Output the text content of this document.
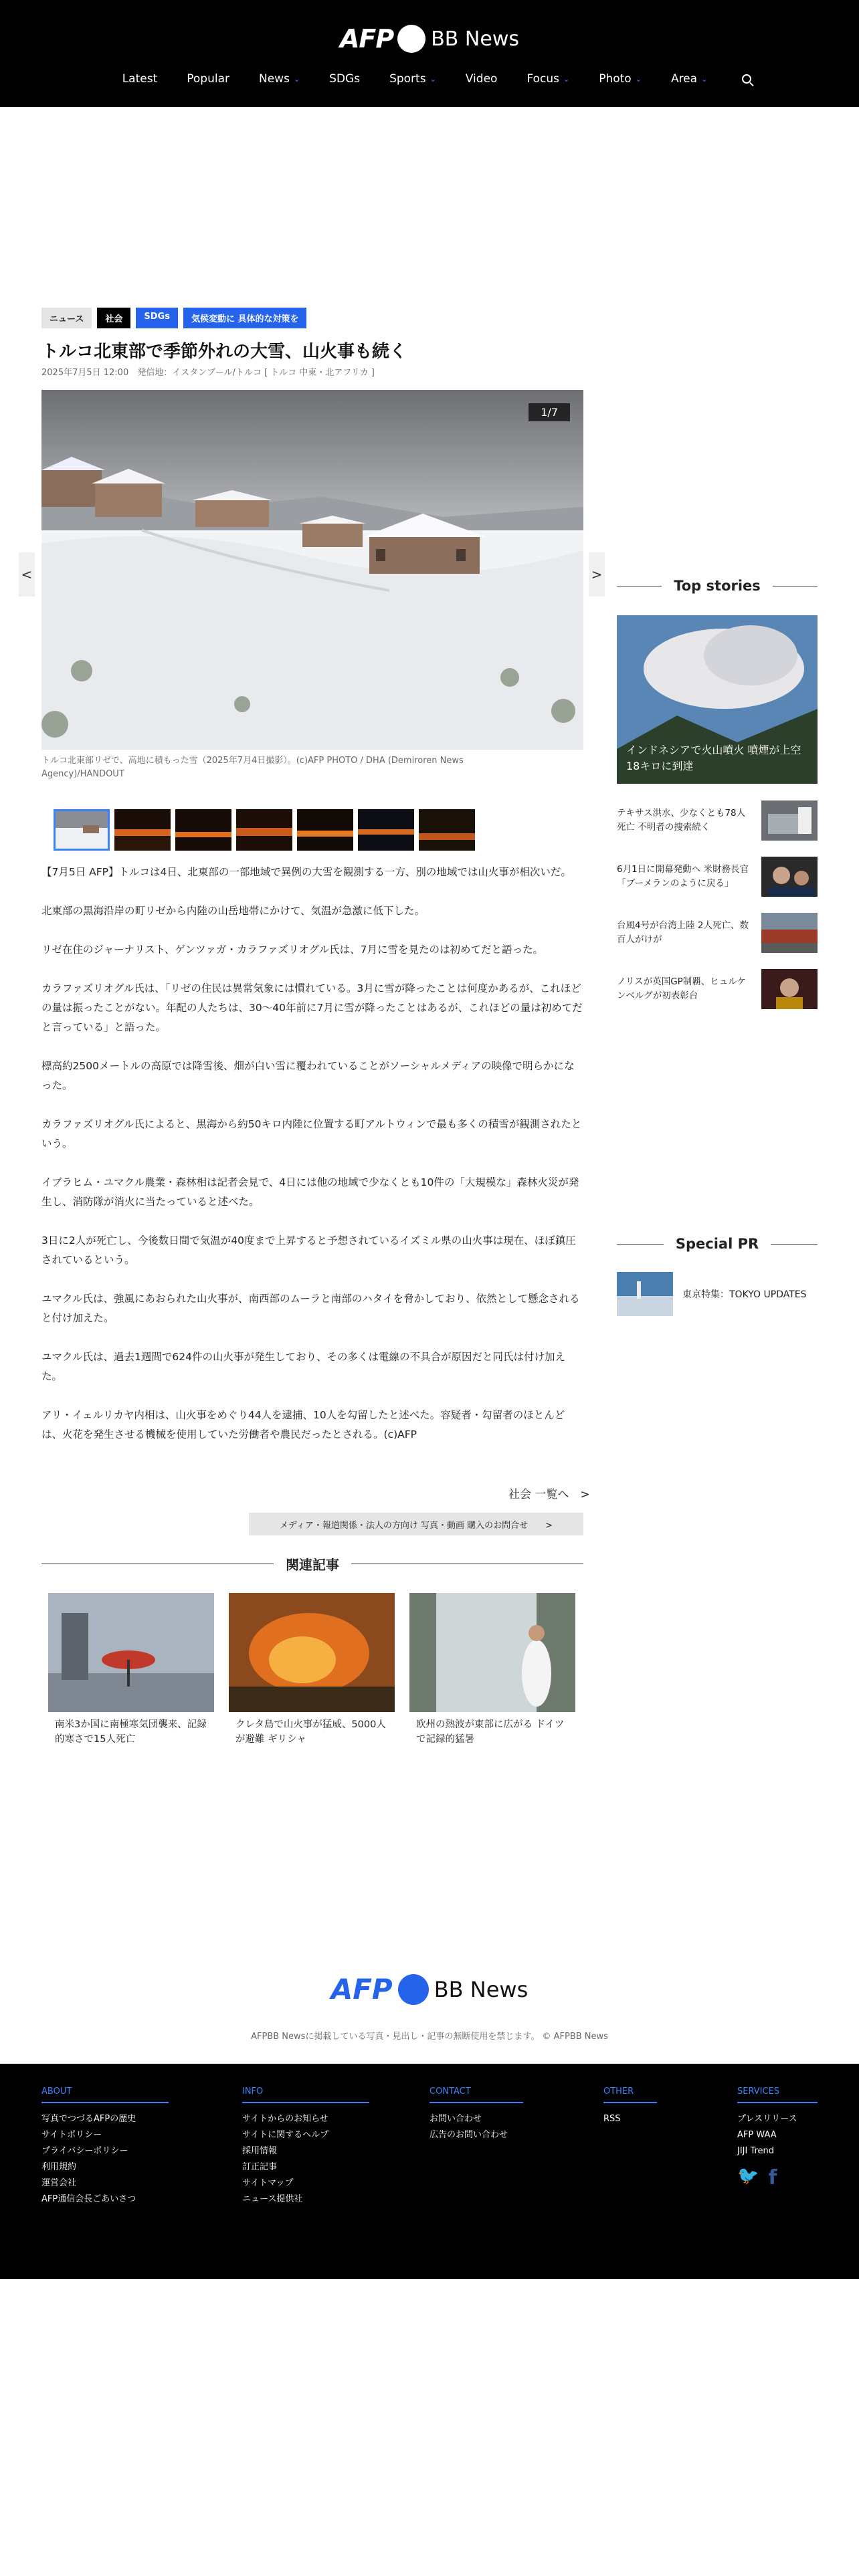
AFP BB News
Latest	Popular	News ⌄	SDGs	Sports ⌄	Video	Focus ⌄	Photo ⌄	Area ⌄
ニュース	社会	SDGs	気候変動に 具体的な対策を
トルコ北東部で季節外れの大雪、山火事も続く
2025年7月5日 12:00　発信地：イスタンブール/トルコ [ トルコ 中東・北アフリカ ]
1/7
<	>
トルコ北東部リゼで、高地に積もった雪（2025年7月4日撮影）。(c)AFP PHOTO / DHA (Demiroren News Agency)/HANDOUT

【7月5日 AFP】トルコは4日、北東部の一部地域で異例の大雪を観測する一方、別の地域では山火事が相次いだ。

北東部の黒海沿岸の町リゼから内陸の山岳地帯にかけて、気温が急激に低下した。

リゼ在住のジャーナリスト、ゲンツァガ・カラファズリオグル氏は、7月に雪を見たのは初めてだと語った。

カラファズリオグル氏は、「リゼの住民は異常気象には慣れている。3月に雪が降ったことは何度かあるが、これほどの量は振ったことがない。年配の人たちは、30～40年前に7月に雪が降ったことはあるが、これほどの量は初めてだと言っている」と語った。

標高約2500メートルの高原では降雪後、畑が白い雪に覆われていることがソーシャルメディアの映像で明らかになった。

カラファズリオグル氏によると、黒海から約50キロ内陸に位置する町アルトウィンで最も多くの積雪が観測されたという。

イブラヒム・ユマクル農業・森林相は記者会見で、4日には他の地域で少なくとも10件の「大規模な」森林火災が発生し、消防隊が消火に当たっていると述べた。

3日に2人が死亡し、今後数日間で気温が40度まで上昇すると予想されているイズミル県の山火事は現在、ほぼ鎮圧されているという。

ユマクル氏は、強風にあおられた山火事が、南西部のムーラと南部のハタイを脅かしており、依然として懸念されると付け加えた。

ユマクル氏は、過去1週間で624件の山火事が発生しており、その多くは電線の不具合が原因だと同氏は付け加えた。

アリ・イェルリカヤ内相は、山火事をめぐり44人を逮捕、10人を勾留したと述べた。容疑者・勾留者のほとんどは、火花を発生させる機械を使用していた労働者や農民だったとされる。(c)AFP

社会 一覧へ　>
メディア・報道関係・法人の方向け 写真・動画 購入のお問合せ　　>
関連記事
南米3か国に南極寒気団襲来、記録的寒さで15人死亡
クレタ島で山火事が猛威、5000人が避難 ギリシャ
欧州の熱波が東部に広がる ドイツで記録的猛暑
Top stories
インドネシアで火山噴火 噴煙が上空18キロに到達
テキサス洪水、少なくとも78人死亡 不明者の捜索続く
6月1日に開幕発動へ 米財務長官「ブーメランのように戻る」
台風4号が台湾上陸 2人死亡、数百人がけが
ノリスが英国GP制覇、ヒュルケンベルグが初表彰台
Special PR
東京特集：TOKYO UPDATES
AFP BB News
AFPBB Newsに掲載している写真・見出し・記事の無断使用を禁じます。 © AFPBB News
ABOUT
写真でつづるAFPの歴史
サイトポリシー
プライバシーポリシー
利用規約
運営会社
AFP通信会長ごあいさつ
INFO
サイトからのお知らせ
サイトに関するヘルプ
採用情報
訂正記事
サイトマップ
ニュース提供社
CONTACT
お問い合わせ
広告のお問い合わせ
OTHER
RSS
SERVICES
プレスリリース
AFP WAA
JIJI Trend
🐦 f
